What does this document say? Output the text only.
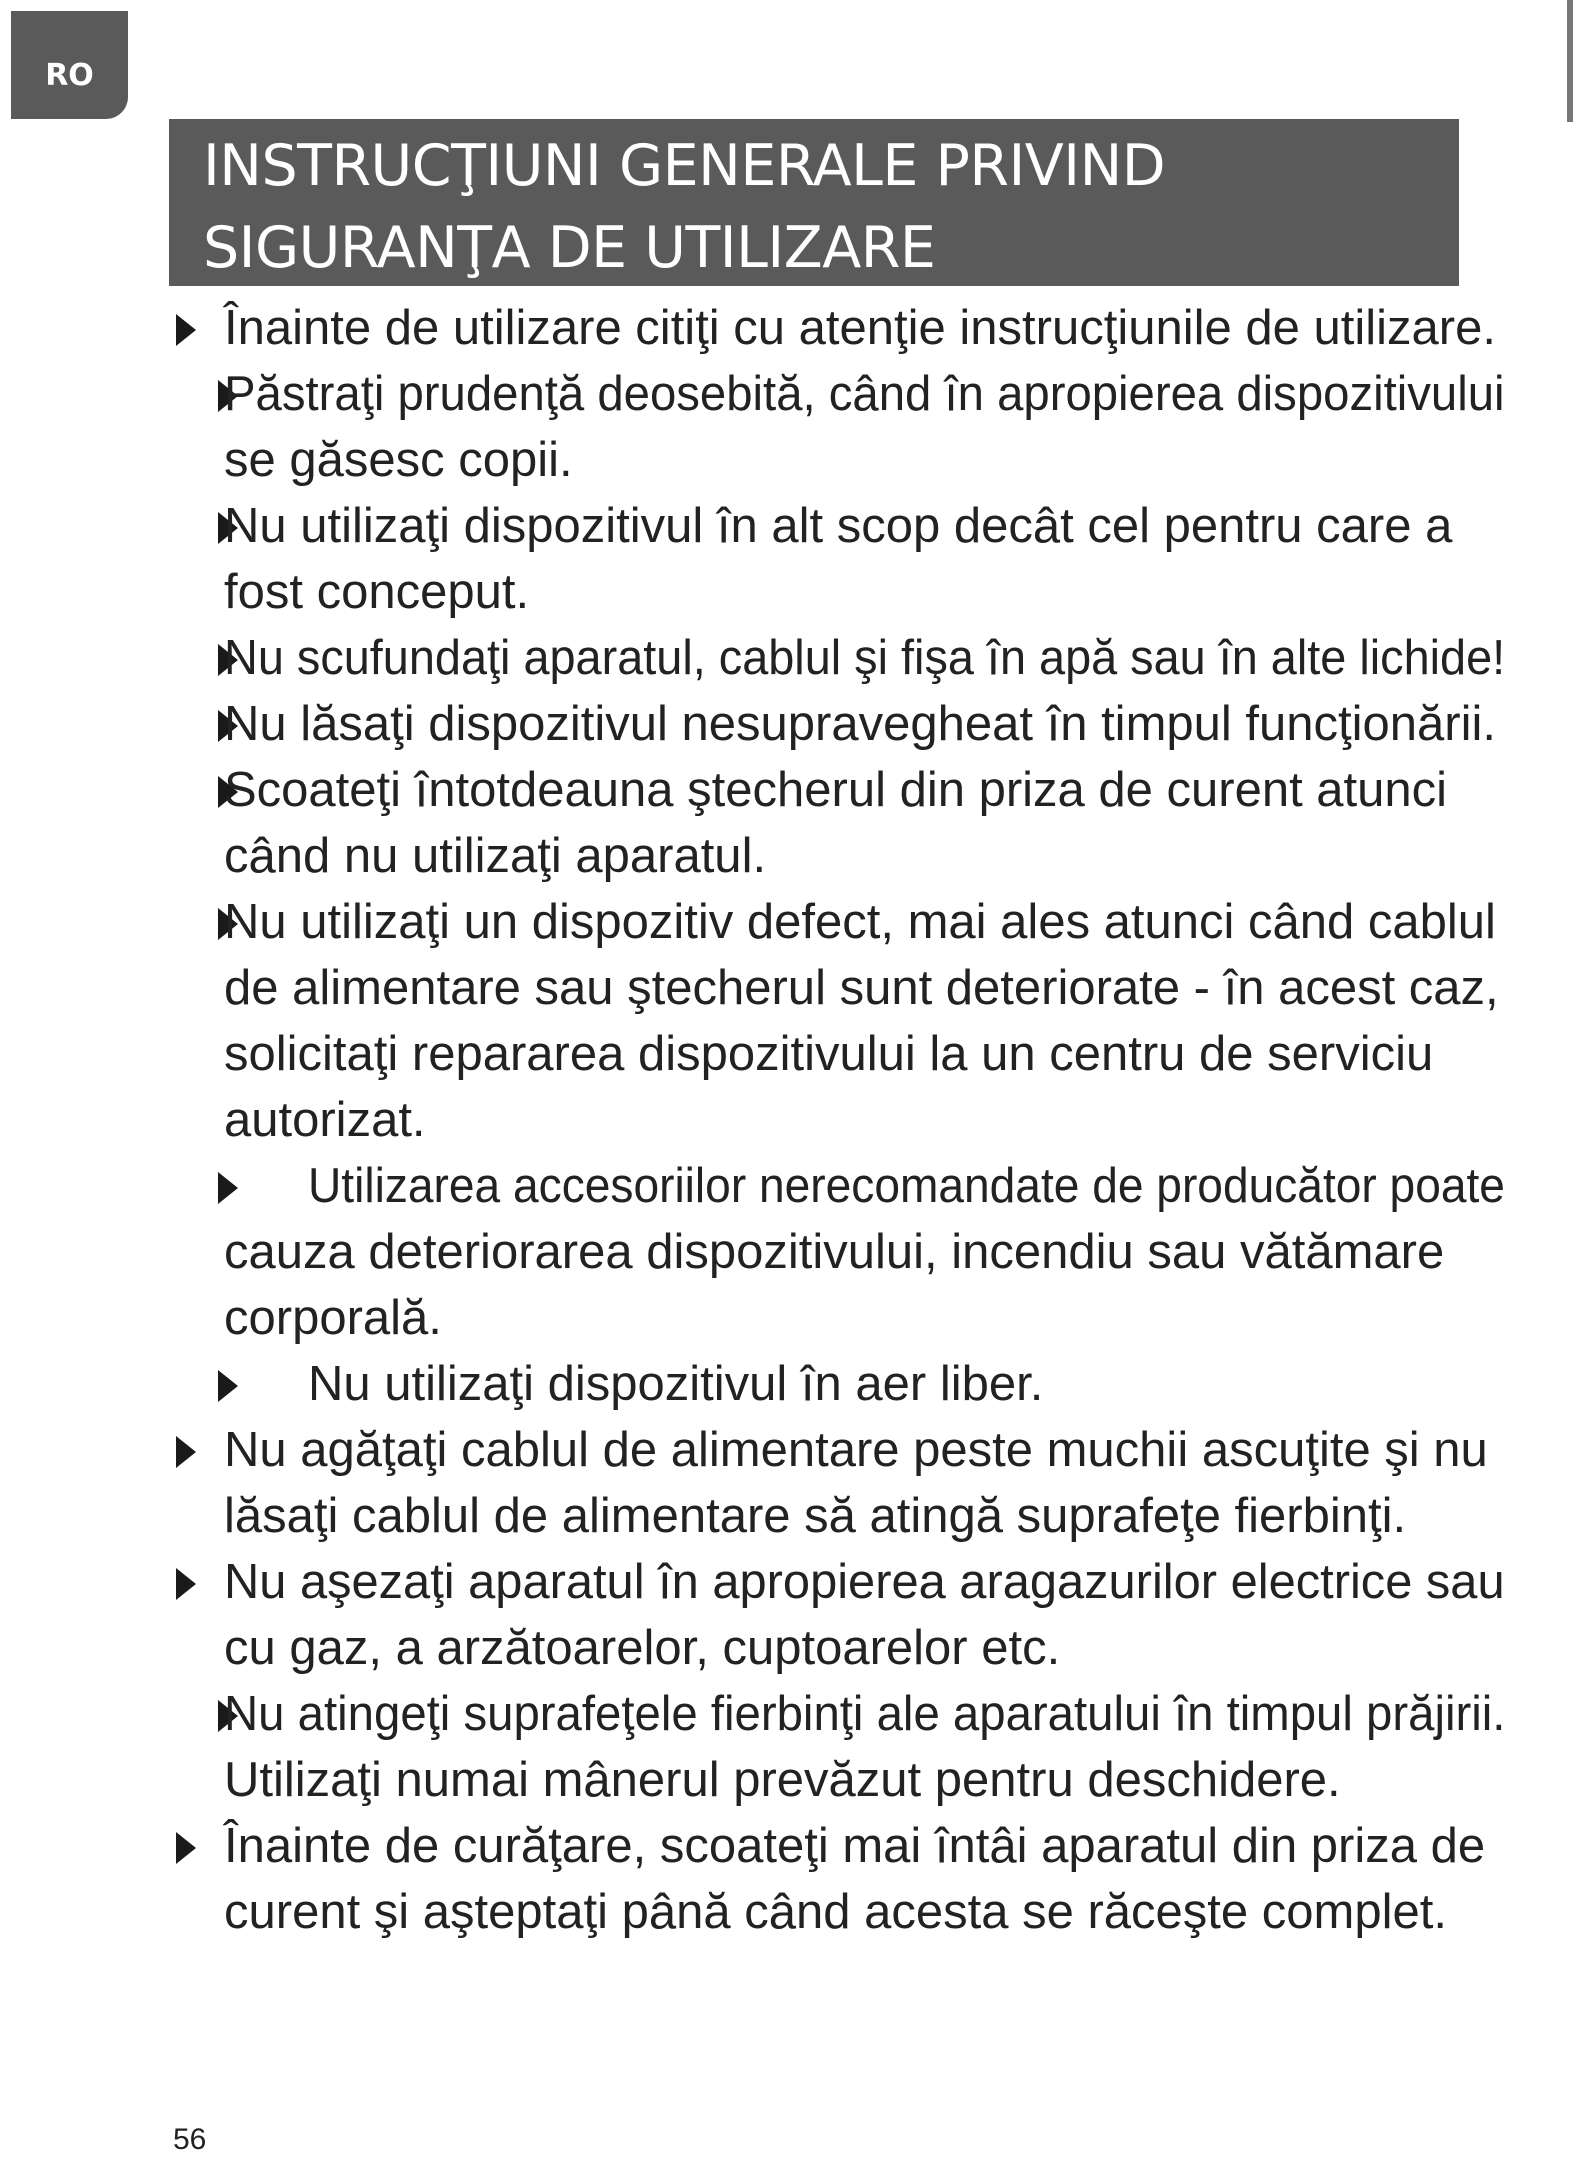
RO
INSTRUCŢIUNI GENERALE PRIVIND
SIGURANŢA DE UTILIZARE
Înainte de utilizare citiţi cu atenţie instrucţiunile de utilizare.
Păstraţi prudenţă deosebită, când în apropierea dispozitivului
se găsesc copii.
Nu utilizaţi dispozitivul în alt scop decât cel pentru care a
fost conceput.
Nu scufundaţi aparatul, cablul şi fişa în apă sau în alte lichide!
Nu lăsaţi dispozitivul nesupravegheat în timpul funcţionării.
Scoateţi întotdeauna ştecherul din priza de curent atunci
când nu utilizaţi aparatul.
Nu utilizaţi un dispozitiv defect, mai ales atunci când cablul
de alimentare sau ştecherul sunt deteriorate - în acest caz,
solicitaţi repararea dispozitivului la un centru de serviciu
autorizat.
Utilizarea accesoriilor nerecomandate de producător poate
cauza deteriorarea dispozitivului, incendiu sau vătămare
corporală.
Nu utilizaţi dispozitivul în aer liber.
Nu agăţaţi cablul de alimentare peste muchii ascuţite şi nu
lăsaţi cablul de alimentare să atingă suprafeţe fierbinţi.
Nu aşezaţi aparatul în apropierea aragazurilor electrice sau
cu gaz, a arzătoarelor, cuptoarelor etc.
Nu atingeţi suprafeţele fierbinţi ale aparatului în timpul prăjirii.
Utilizaţi numai mânerul prevăzut pentru deschidere.
Înainte de curăţare, scoateţi mai întâi aparatul din priza de
curent şi aşteptaţi până când acesta se răceşte complet.
56
